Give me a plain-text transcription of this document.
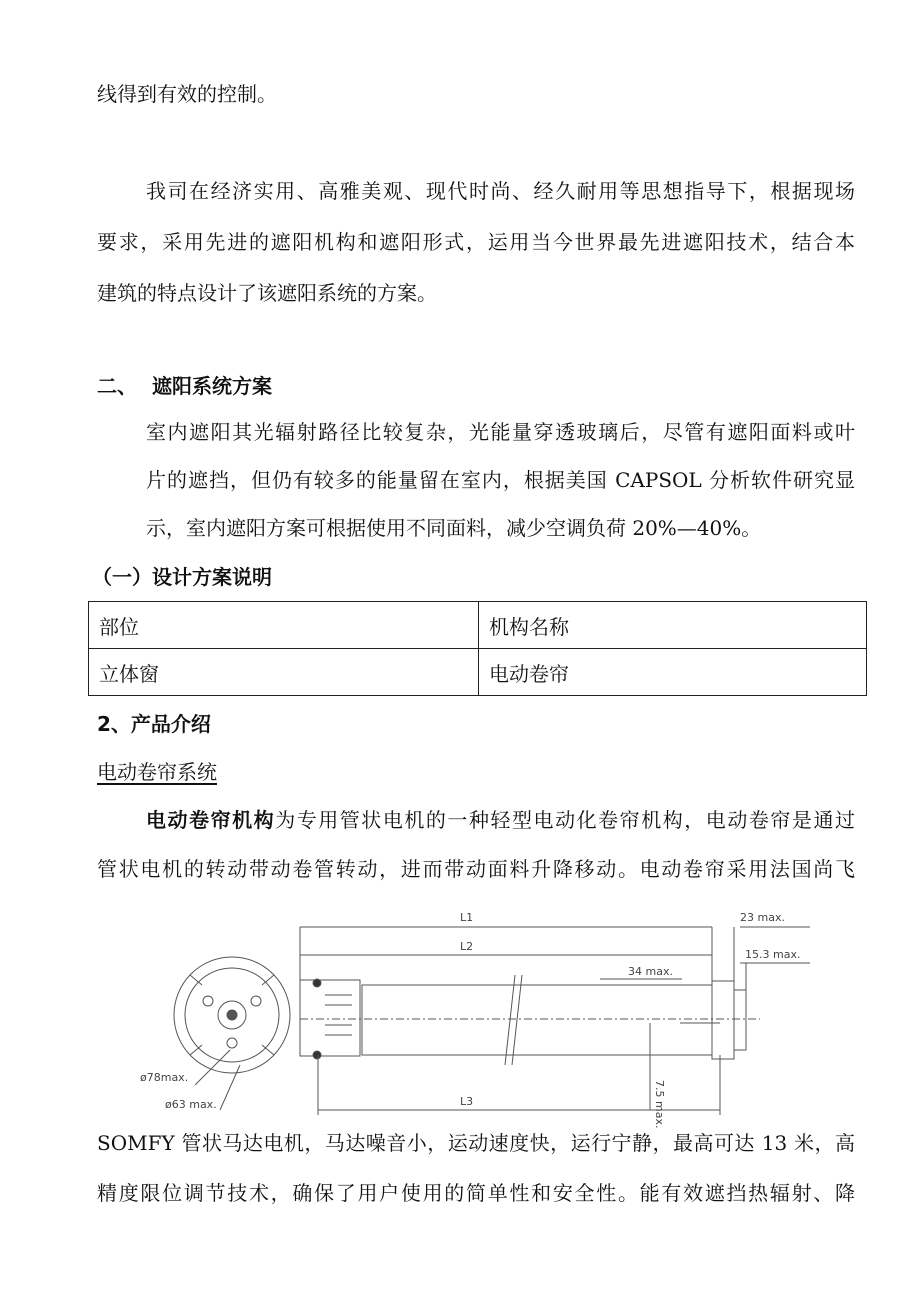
线得到有效的控制。
我司在经济实用、高雅美观、现代时尚、经久耐用等思想指导下，根据现场
要求，采用先进的遮阳机构和遮阳形式，运用当今世界最先进遮阳技术，结合本
建筑的特点设计了该遮阳系统的方案。
二、 遮阳系统方案
室内遮阳其光辐射路径比较复杂，光能量穿透玻璃后，尽管有遮阳面料或叶
片的遮挡，但仍有较多的能量留在室内，根据美国 CAPSOL 分析软件研究显
示，室内遮阳方案可根据使用不同面料，减少空调负荷 20%—40%。
（一）设计方案说明
部位	机构名称
立体窗	电动卷帘
2、产品介绍
电动卷帘系统
电动卷帘机构为专用管状电机的一种轻型电动化卷帘机构，电动卷帘是通过
管状电机的转动带动卷管转动，进而带动面料升降移动。电动卷帘采用法国尚飞
L1	23 max.
L2
15.3 max.
34 max.
L3	7.5 max.
ø78max.
ø63 max.
SOMFY 管状马达电机，马达噪音小，运动速度快，运行宁静，最高可达 13 米，高
精度限位调节技术，确保了用户使用的简单性和安全性。能有效遮挡热辐射、降
